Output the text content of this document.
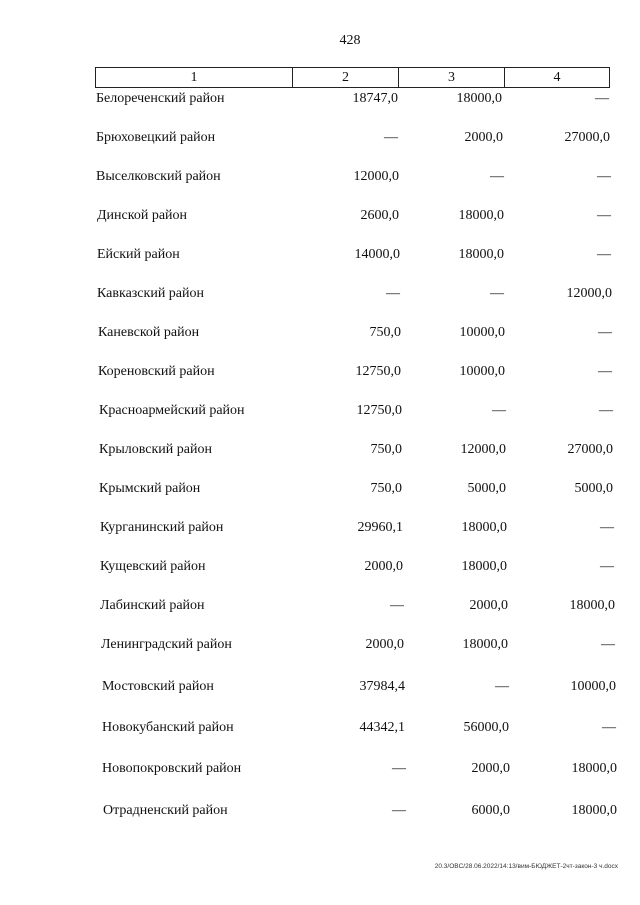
428
1	2	3	4
Белореченский район	18747,0	18000,0	—
Брюховецкий район	—	2000,0	27000,0
Выселковский район	12000,0	—	—
Динской район	2600,0	18000,0	—
Ейский район	14000,0	18000,0	—
Кавказский район	—	—	12000,0
Каневской район	750,0	10000,0	—
Кореновский район	12750,0	10000,0	—
Красноармейский район	12750,0	—	—
Крыловский район	750,0	12000,0	27000,0
Крымский район	750,0	5000,0	5000,0
Курганинский район	29960,1	18000,0	—
Кущевский район	2000,0	18000,0	—
Лабинский район	—	2000,0	18000,0
Ленинградский район	2000,0	18000,0	—
Мостовский район	37984,4	—	10000,0
Новокубанский район	44342,1	56000,0	—
Новопокровский район	—	2000,0	18000,0
Отрадненский район	—	6000,0	18000,0
20.3/OBC/28.06.2022/14:13/вим-БЮДЖЕТ-2чт-закон-3 ч.docx
